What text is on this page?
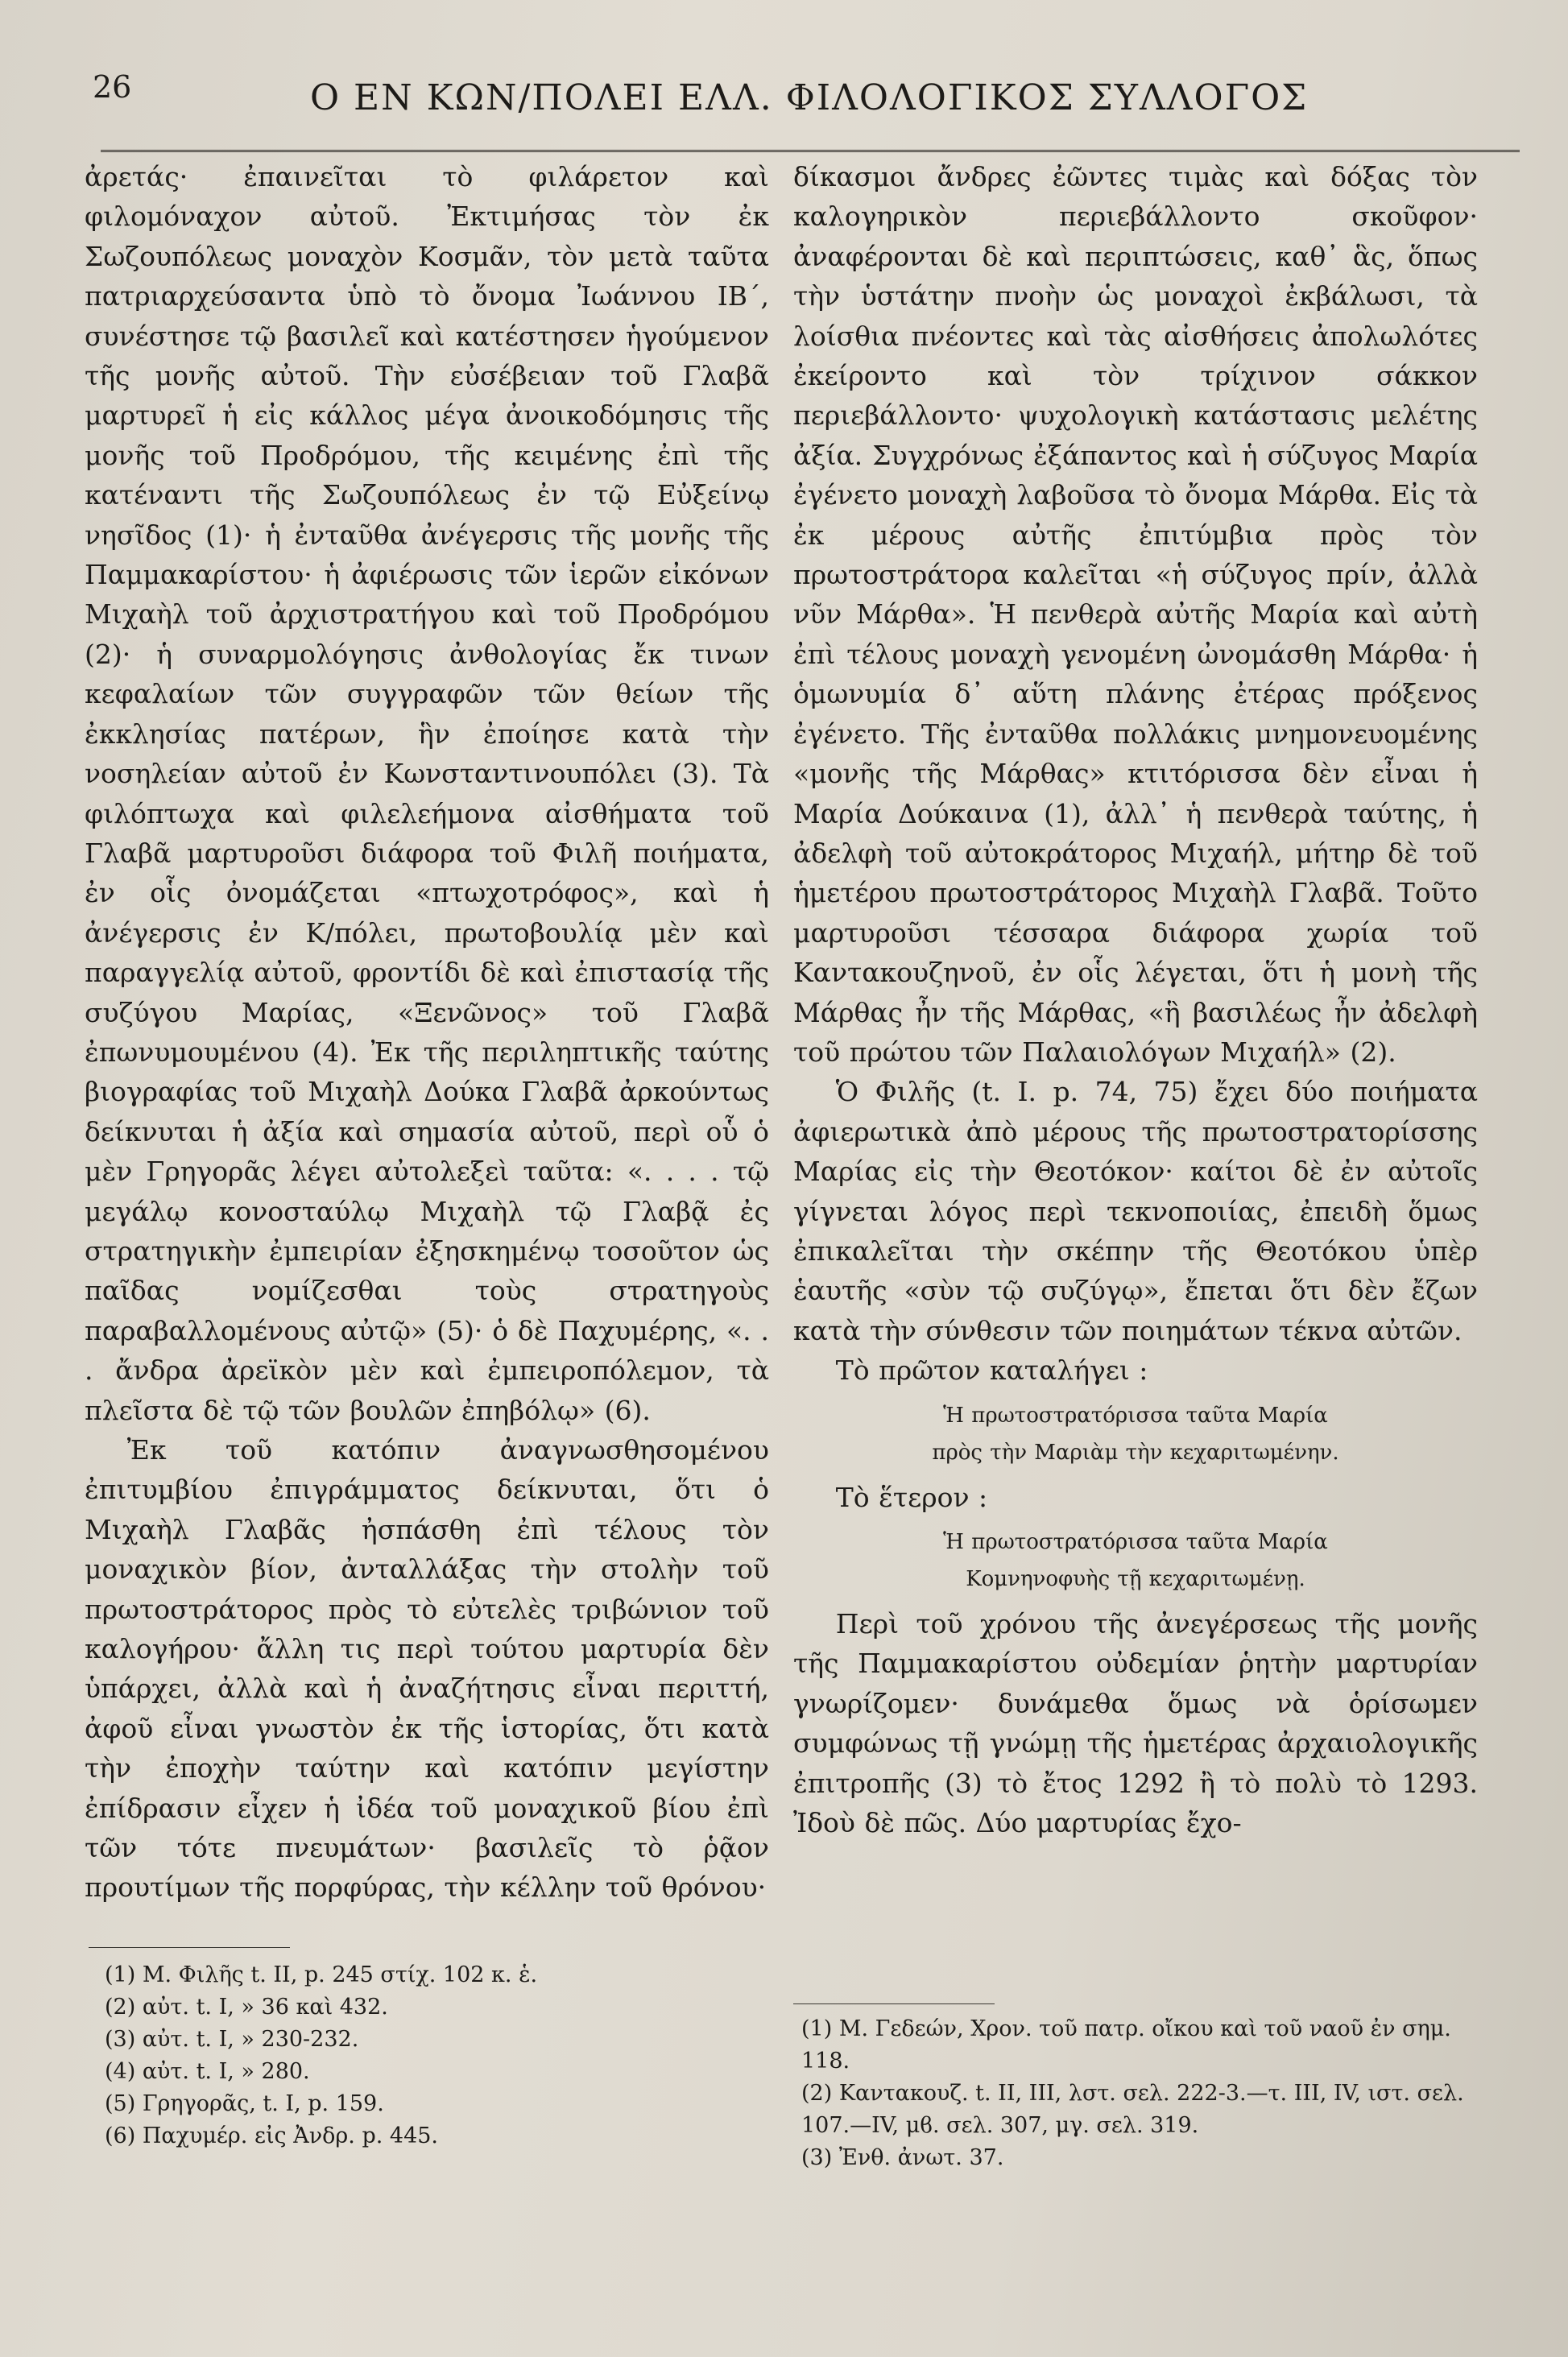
26	Ο ΕΝ ΚΩΝ/ΠΟΛΕΙ ΕΛΛ. ΦΙΛΟΛΟΓΙΚΟΣ ΣΥΛΛΟΓΟΣ

ἀρετάς· ἐπαινεῖται τὸ φιλάρετον καὶ φιλομόναχον αὐτοῦ. Ἐκτιμήσας τὸν ἐκ Σωζουπόλεως μοναχὸν Κοσμᾶν, τὸν μετὰ ταῦτα πατριαρχεύσαντα ὑπὸ τὸ ὄνομα Ἰωάννου ΙΒ´, συνέστησε τῷ βασιλεῖ καὶ κατέστησεν ἡγούμενον τῆς μονῆς αὐτοῦ. Τὴν εὐσέβειαν τοῦ Γλαβᾶ μαρτυρεῖ ἡ εἰς κάλλος μέγα ἀνοικοδόμησις τῆς μονῆς τοῦ Προδρόμου, τῆς κειμένης ἐπὶ τῆς κατέναντι τῆς Σωζουπόλεως ἐν τῷ Εὐξείνῳ νησῖδος (1)· ἡ ἐνταῦθα ἀνέγερσις τῆς μονῆς τῆς Παμμακαρίστου· ἡ ἀφιέρωσις τῶν ἱερῶν εἰκόνων Μιχαὴλ τοῦ ἀρχιστρατήγου καὶ τοῦ Προδρόμου (2)· ἡ συναρμολόγησις ἀνθολογίας ἔκ τινων κεφαλαίων τῶν συγγραφῶν τῶν θείων τῆς ἐκκλησίας πατέρων, ἣν ἐποίησε κατὰ τὴν νοσηλείαν αὐτοῦ ἐν Κωνσταντινουπόλει (3). Τὰ φιλόπτωχα καὶ φιλελεήμονα αἰσθήματα τοῦ Γλαβᾶ μαρτυροῦσι διάφορα τοῦ Φιλῆ ποιήματα, ἐν οἷς ὀνομάζεται «πτωχοτρόφος», καὶ ἡ ἀνέγερσις ἐν Κ/πόλει, πρωτοβουλίᾳ μὲν καὶ παραγγελίᾳ αὐτοῦ, φροντίδι δὲ καὶ ἐπιστασίᾳ τῆς συζύγου Μαρίας, «Ξενῶνος» τοῦ Γλαβᾶ ἐπωνυμουμένου (4). Ἐκ τῆς περιληπτικῆς ταύτης βιογραφίας τοῦ Μιχαὴλ Δούκα Γλαβᾶ ἀρκούντως δείκνυται ἡ ἀξία καὶ σημασία αὐτοῦ, περὶ οὗ ὁ μὲν Γρηγορᾶς λέγει αὐτολεξεὶ ταῦτα: «. . . . τῷ μεγάλῳ κονοσταύλῳ Μιχαὴλ τῷ Γλαβᾷ ἐς στρατηγικὴν ἐμπειρίαν ἐξησκημένῳ τοσοῦτον ὡς παῖδας νομίζεσθαι τοὺς στρατηγοὺς παραβαλλομένους αὐτῷ» (5)· ὁ δὲ Παχυμέρης, «. . . ἄνδρα ἀρεϊκὸν μὲν καὶ ἐμπειροπόλεμον, τὰ πλεῖστα δὲ τῷ τῶν βουλῶν ἐπηβόλῳ» (6).

Ἐκ τοῦ κατόπιν ἀναγνωσθησομένου ἐπιτυμβίου ἐπιγράμματος δείκνυται, ὅτι ὁ Μιχαὴλ Γλαβᾶς ἠσπάσθη ἐπὶ τέλους τὸν μοναχικὸν βίον, ἀνταλλάξας τὴν στολὴν τοῦ πρωτοστράτορος πρὸς τὸ εὐτελὲς τριβώνιον τοῦ καλογήρου· ἄλλη τις περὶ τούτου μαρτυρία δὲν ὑπάρχει, ἀλλὰ καὶ ἡ ἀναζήτησις εἶναι περιττή, ἀφοῦ εἶναι γνωστὸν ἐκ τῆς ἱστορίας, ὅτι κατὰ τὴν ἐποχὴν ταύτην καὶ κατόπιν μεγίστην ἐπίδρασιν εἶχεν ἡ ἰδέα τοῦ μοναχικοῦ βίου ἐπὶ τῶν τότε πνευμάτων· βασιλεῖς τὸ ῥᾷον προυτίμων τῆς πορφύρας, τὴν κέλλην τοῦ θρόνου·

(1) Μ. Φιλῆς t. II, p. 245 στίχ. 102 κ. ἑ.
(2) αὐτ. t. I, » 36 καὶ 432.
(3) αὐτ. t. I, » 230-232.
(4) αὐτ. t. I, » 280.
(5) Γρηγορᾶς, t. I, p. 159.
(6) Παχυμέρ. εἰς Ἀνδρ. p. 445.

δίκασμοι ἄνδρες ἐῶντες τιμὰς καὶ δόξας τὸν καλογηρικὸν περιεβάλλοντο σκοῦφον· ἀναφέρονται δὲ καὶ περιπτώσεις, καθ᾽ ἃς, ὅπως τὴν ὑστάτην πνοὴν ὡς μοναχοὶ ἐκβάλωσι, τὰ λοίσθια πνέοντες καὶ τὰς αἰσθήσεις ἀπολωλότες ἐκείροντο καὶ τὸν τρίχινον σάκκον περιεβάλλοντο· ψυχολογικὴ κατάστασις μελέτης ἀξία. Συγχρόνως ἐξάπαντος καὶ ἡ σύζυγος Μαρία ἐγένετο μοναχὴ λαβοῦσα τὸ ὄνομα Μάρθα. Εἰς τὰ ἐκ μέρους αὐτῆς ἐπιτύμβια πρὸς τὸν πρωτοστράτορα καλεῖται «ἡ σύζυγος πρίν, ἀλλὰ νῦν Μάρθα». Ἡ πενθερὰ αὐτῆς Μαρία καὶ αὐτὴ ἐπὶ τέλους μοναχὴ γενομένη ὠνομάσθη Μάρθα· ἡ ὁμωνυμία δ᾽ αὕτη πλάνης ἐτέρας πρόξενος ἐγένετο. Τῆς ἐνταῦθα πολλάκις μνημονευομένης «μονῆς τῆς Μάρθας» κτιτόρισσα δὲν εἶναι ἡ Μαρία Δούκαινα (1), ἀλλ᾽ ἡ πενθερὰ ταύτης, ἡ ἀδελφὴ τοῦ αὐτοκράτορος Μιχαήλ, μήτηρ δὲ τοῦ ἡμετέρου πρωτοστράτορος Μιχαὴλ Γλαβᾶ. Τοῦτο μαρτυροῦσι τέσσαρα διάφορα χωρία τοῦ Καντακουζηνοῦ, ἐν οἷς λέγεται, ὅτι ἡ μονὴ τῆς Μάρθας ἦν τῆς Μάρθας, «ἣ βασιλέως ἦν ἀδελφὴ τοῦ πρώτου τῶν Παλαιολόγων Μιχαήλ» (2).

Ὁ Φιλῆς (t. I. p. 74, 75) ἔχει δύο ποιήματα ἀφιερωτικὰ ἀπὸ μέρους τῆς πρωτοστρατορίσσης Μαρίας εἰς τὴν Θεοτόκον· καίτοι δὲ ἐν αὐτοῖς γίγνεται λόγος περὶ τεκνοποιίας, ἐπειδὴ ὅμως ἐπικαλεῖται τὴν σκέπην τῆς Θεοτόκου ὑπὲρ ἑαυτῆς «σὺν τῷ συζύγῳ», ἔπεται ὅτι δὲν ἔζων κατὰ τὴν σύνθεσιν τῶν ποιημάτων τέκνα αὐτῶν.

Τὸ πρῶτον καταλήγει :

Ἡ πρωτοστρατόρισσα ταῦτα Μαρία
πρὸς τὴν Μαριὰμ τὴν κεχαριτωμένην.

Τὸ ἕτερον :

Ἡ πρωτοστρατόρισσα ταῦτα Μαρία
Κομνηνοφυὴς τῇ κεχαριτωμένῃ.

Περὶ τοῦ χρόνου τῆς ἀνεγέρσεως τῆς μονῆς τῆς Παμμακαρίστου οὐδεμίαν ῥητὴν μαρτυρίαν γνωρίζομεν· δυνάμεθα ὅμως νὰ ὁρίσωμεν συμφώνως τῇ γνώμῃ τῆς ἡμετέρας ἀρχαιολογικῆς ἐπιτροπῆς (3) τὸ ἔτος 1292 ἢ τὸ πολὺ τὸ 1293. Ἰδοὺ δὲ πῶς. Δύο μαρτυρίας ἔχο-

(1) Μ. Γεδεών, Χρον. τοῦ πατρ. οἴκου καὶ τοῦ ναοῦ ἐν σημ. 118.
(2) Καντακουζ. t. II, III, λστ. σελ. 222-3.—τ. III, IV, ιστ. σελ. 107.—IV, μϐ. σελ. 307, μγ. σελ. 319.
(3) Ἐνθ. ἀνωτ. 37.
